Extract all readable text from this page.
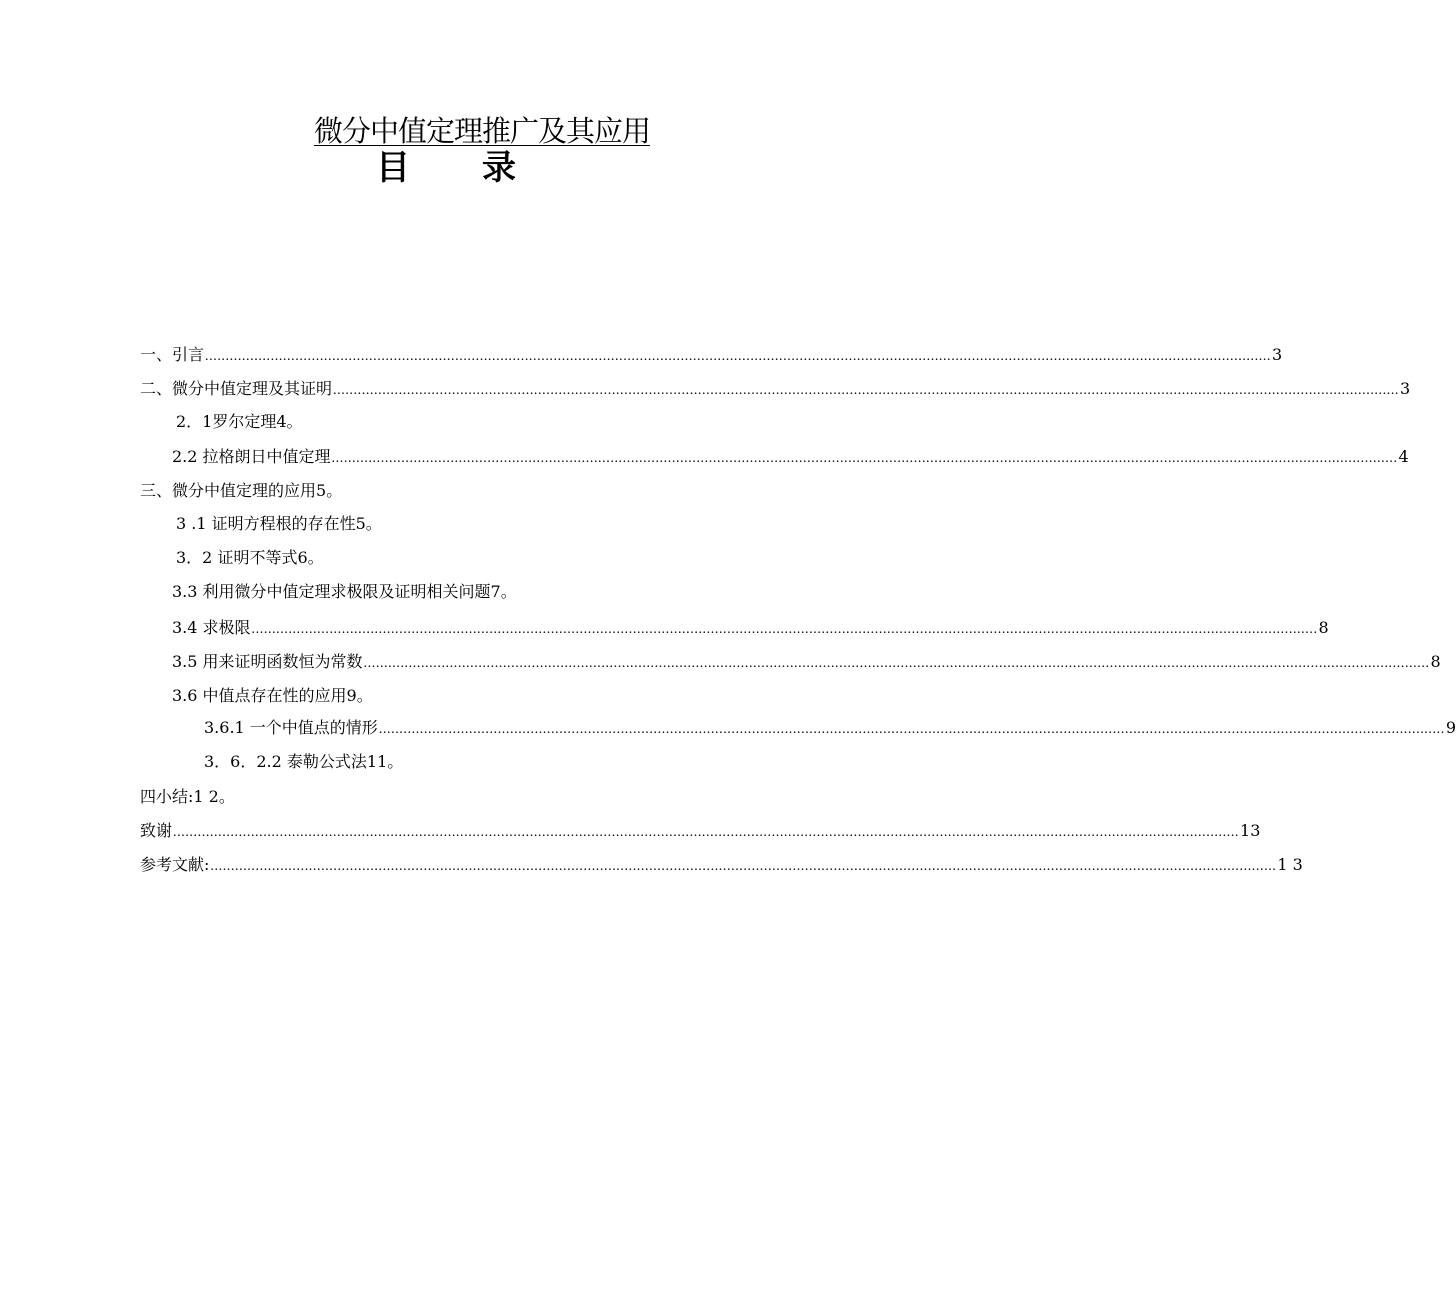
微分中值定理推广及其应用
目 录
一、引言 .................................................................................................................................................................................................................................................................... 3
二、微分中值定理及其证明 .................................................................................................................................................................................................................................................................... 3
2．1罗尔定理 4。
2.2 拉格朗日中值定理 .................................................................................................................................................................................................................................................................... 4
三、微分中值定理的应用 5。
3 .1 证明方程根的存在性 5。
3．2 证明不等式 6。
3.3 利用微分中值定理求极限及证明相关问题 7。
3.4 求极限 .................................................................................................................................................................................................................................................................... 8
3.5 用来证明函数恒为常数 .................................................................................................................................................................................................................................................................... 8
3.6 中值点存在性的应用 9。
3.6.1 一个中值点的情形 .................................................................................................................................................................................................................................................................... 9
3．6．2.2 泰勒公式法 11。
四小结: 1 2。
致谢 .................................................................................................................................................................................................................................................................... 13
参考文献: .................................................................................................................................................................................................................................................................... 1 3
